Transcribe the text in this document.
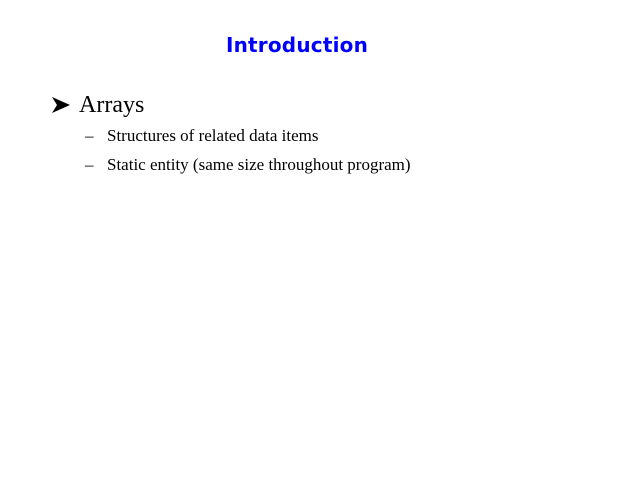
Introduction
Arrays
– Structures of related data items
– Static entity (same size throughout program)
